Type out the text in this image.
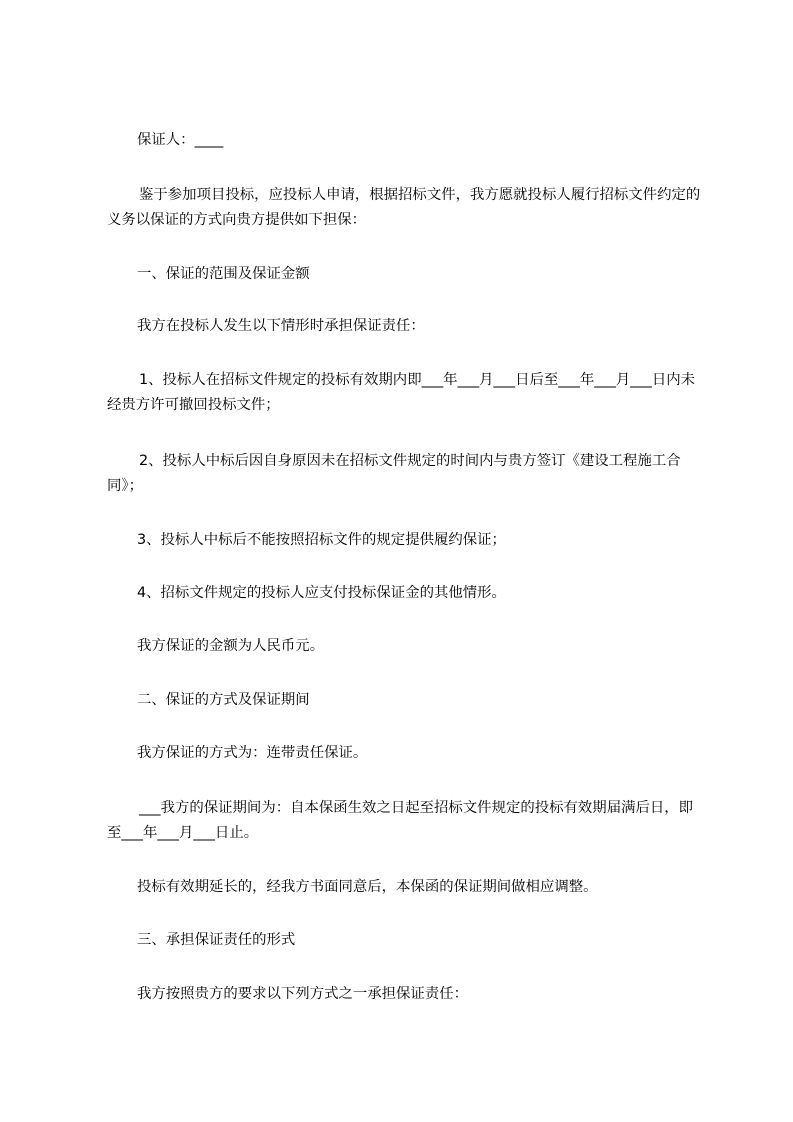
保证人：____

鉴于参加项目投标，应投标人申请，根据招标文件，我方愿就投标人履行招标文件约定的义务以保证的方式向贵方提供如下担保：

一、保证的范围及保证金额

我方在投标人发生以下情形时承担保证责任：

1、投标人在招标文件规定的投标有效期内即___年___月___日后至___年___月___日内未经贵方许可撤回投标文件；

2、投标人中标后因自身原因未在招标文件规定的时间内与贵方签订《建设工程施工合同》；

3、投标人中标后不能按照招标文件的规定提供履约保证；

4、招标文件规定的投标人应支付投标保证金的其他情形。

我方保证的金额为人民币元。

二、保证的方式及保证期间

我方保证的方式为：连带责任保证。

___我方的保证期间为：自本保函生效之日起至招标文件规定的投标有效期届满后日，即至___年___月___日止。

投标有效期延长的，经我方书面同意后，本保函的保证期间做相应调整。

三、承担保证责任的形式

我方按照贵方的要求以下列方式之一承担保证责任：
